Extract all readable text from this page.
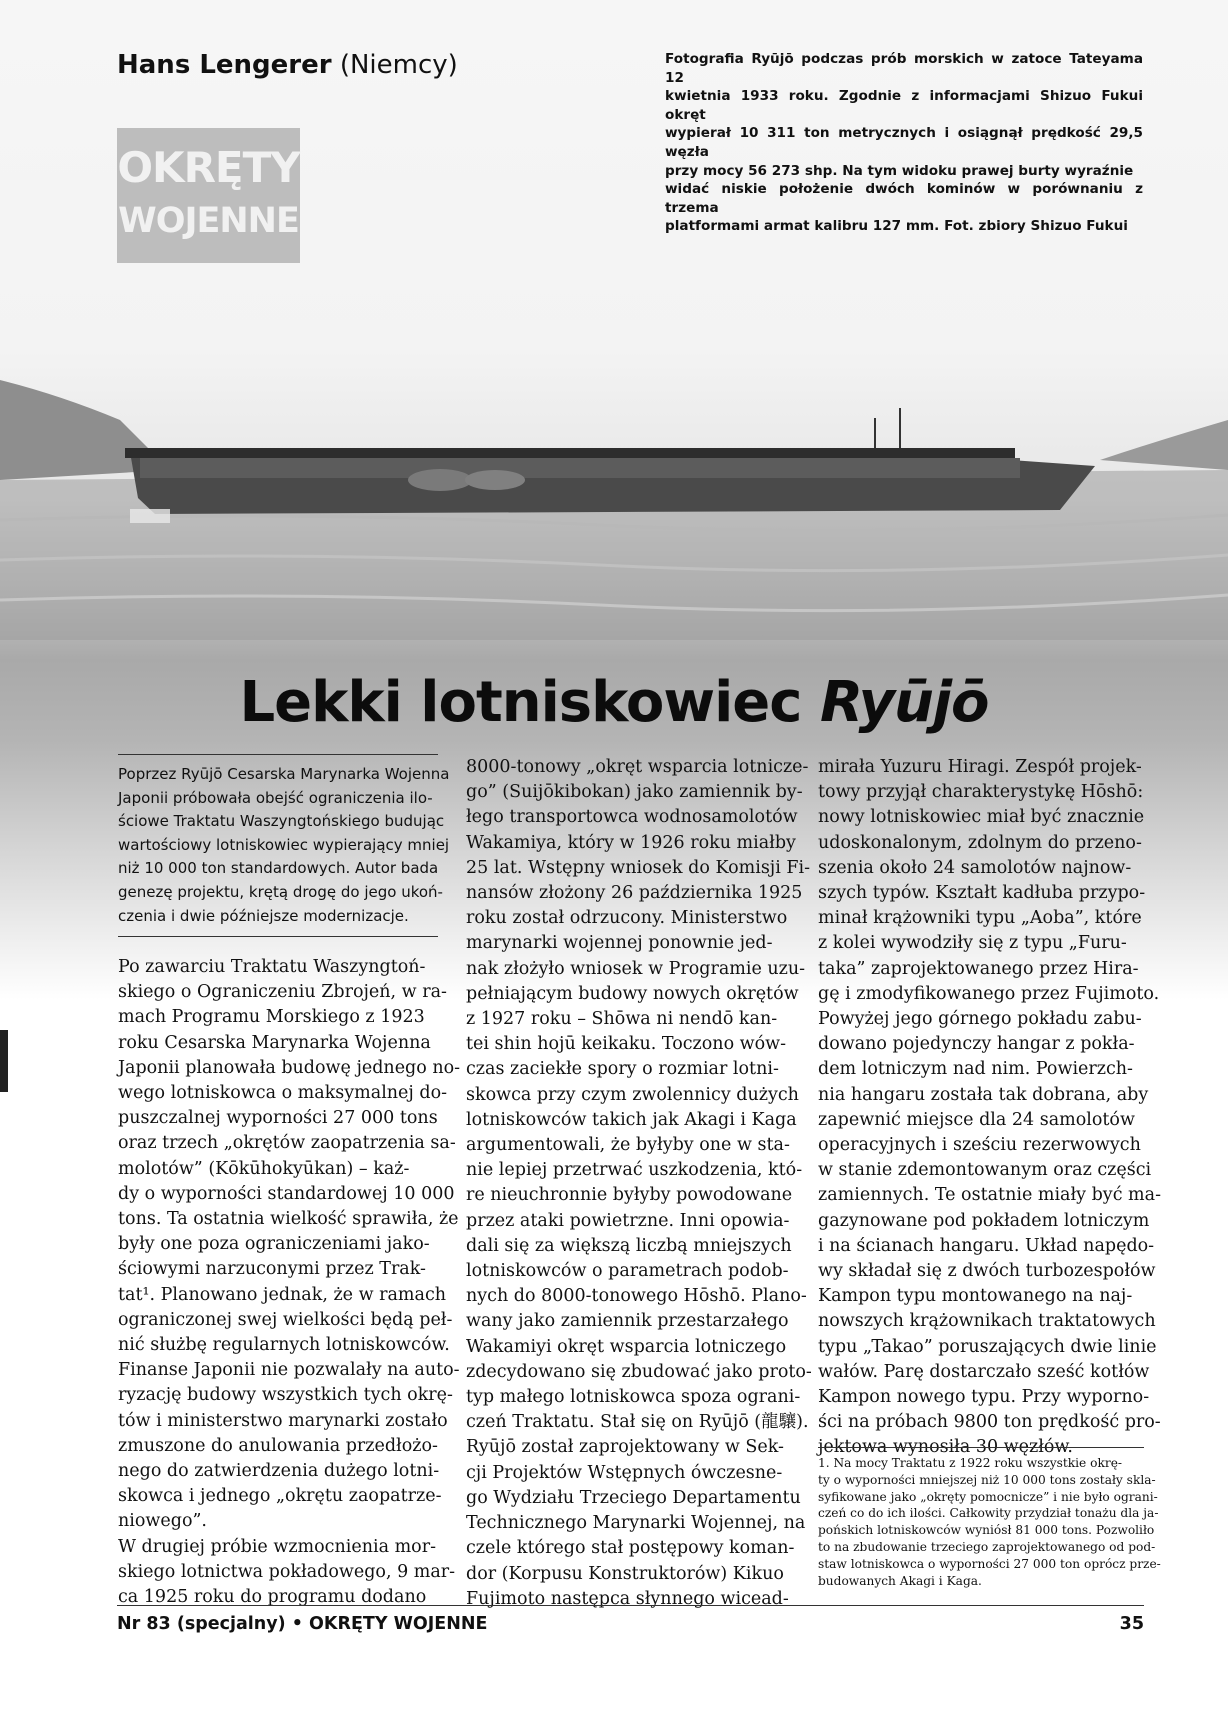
Hans Lengerer (Niemcy)	Fotografia Ryūjō podczas prób morskich w zatoce Tateyama 12
kwietnia 1933 roku. Zgodnie z informacjami Shizuo Fukui okręt
wypierał 10 311 ton metrycznych i osiągnął prędkość 29,5 węzła
przy mocy 56 273 shp. Na tym widoku prawej burty wyraźnie
widać niskie położenie dwóch kominów w porównaniu z trzema
platformami armat kalibru 127 mm. Fot. zbiory Shizuo Fukui
OKRĘTY
WOJENNE
Lekki lotniskowiec Ryūjō
Poprzez Ryūjō Cesarska Marynarka Wojenna
Japonii próbowała obejść ograniczenia ilo-
ściowe Traktatu Waszyngtońskiego budując
wartościowy lotniskowiec wypierający mniej
niż 10 000 ton standardowych. Autor bada
genezę projektu, krętą drogę do jego ukoń-
czenia i dwie późniejsze modernizacje.
Po zawarciu Traktatu Waszyngtoń-
skiego o Ograniczeniu Zbrojeń, w ra-
mach Programu Morskiego z 1923
roku Cesarska Marynarka Wojenna
Japonii planowała budowę jednego no-
wego lotniskowca o maksymalnej do-
puszczalnej wyporności 27 000 tons
oraz trzech „okrętów zaopatrzenia sa-
molotów” (Kōkūhokyūkan) – każ-
dy o wyporności standardowej 10 000
tons. Ta ostatnia wielkość sprawiła, że
były one poza ograniczeniami jako-
ściowymi narzuconymi przez Trak-
tat¹. Planowano jednak, że w ramach
ograniczonej swej wielkości będą peł-
nić służbę regularnych lotniskowców.
Finanse Japonii nie pozwalały na auto-
ryzację budowy wszystkich tych okrę-
tów i ministerstwo marynarki zostało
zmuszone do anulowania przedłożo-
nego do zatwierdzenia dużego lotni-
skowca i jednego „okrętu zaopatrze-
niowego”.
W drugiej próbie wzmocnienia mor-
skiego lotnictwa pokładowego, 9 mar-
ca 1925 roku do programu dodano
8000-tonowy „okręt wsparcia lotnicze-
go” (Suijōkibokan) jako zamiennik by-
łego transportowca wodnosamolotów
Wakamiya, który w 1926 roku miałby
25 lat. Wstępny wniosek do Komisji Fi-
nansów złożony 26 października 1925
roku został odrzucony. Ministerstwo
marynarki wojennej ponownie jed-
nak złożyło wniosek w Programie uzu-
pełniającym budowy nowych okrętów
z 1927 roku – Shōwa ni nendō kan-
tei shin hojū keikaku. Toczono wów-
czas zaciekłe spory o rozmiar lotni-
skowca przy czym zwolennicy dużych
lotniskowców takich jak Akagi i Kaga
argumentowali, że byłyby one w sta-
nie lepiej przetrwać uszkodzenia, któ-
re nieuchronnie byłyby powodowane
przez ataki powietrzne. Inni opowia-
dali się za większą liczbą mniejszych
lotniskowców o parametrach podob-
nych do 8000-tonowego Hōshō. Plano-
wany jako zamiennik przestarzałego
Wakamiyi okręt wsparcia lotniczego
zdecydowano się zbudować jako proto-
typ małego lotniskowca spoza ograni-
czeń Traktatu. Stał się on Ryūjō (龍驤).
Ryūjō został zaprojektowany w Sek-
cji Projektów Wstępnych ówczesne-
go Wydziału Trzeciego Departamentu
Technicznego Marynarki Wojennej, na
czele którego stał postępowy koman-
dor (Korpusu Konstruktorów) Kikuo
Fujimoto następca słynnego wicead-
mirała Yuzuru Hiragi. Zespół projek-
towy przyjął charakterystykę Hōshō:
nowy lotniskowiec miał być znacznie
udoskonalonym, zdolnym do przeno-
szenia około 24 samolotów najnow-
szych typów. Kształt kadłuba przypo-
minał krążowniki typu „Aoba”, które
z kolei wywodziły się z typu „Furu-
taka” zaprojektowanego przez Hira-
gę i zmodyfikowanego przez Fujimoto.
Powyżej jego górnego pokładu zabu-
dowano pojedynczy hangar z pokła-
dem lotniczym nad nim. Powierzch-
nia hangaru została tak dobrana, aby
zapewnić miejsce dla 24 samolotów
operacyjnych i sześciu rezerwowych
w stanie zdemontowanym oraz części
zamiennych. Te ostatnie miały być ma-
gazynowane pod pokładem lotniczym
i na ścianach hangaru. Układ napędo-
wy składał się z dwóch turbozespołów
Kampon typu montowanego na naj-
nowszych krążownikach traktatowych
typu „Takao” poruszających dwie linie
wałów. Parę dostarczało sześć kotłów
Kampon nowego typu. Przy wyporno-
ści na próbach 9800 ton prędkość pro-
jektowa wynosiła 30 węzłów.
1. Na mocy Traktatu z 1922 roku wszystkie okrę-
ty o wyporności mniejszej niż 10 000 tons zostały skla-
syfikowane jako „okręty pomocnicze” i nie było ograni-
czeń co do ich ilości. Całkowity przydział tonażu dla ja-
pońskich lotniskowców wyniósł 81 000 tons. Pozwoliło
to na zbudowanie trzeciego zaprojektowanego od pod-
staw lotniskowca o wyporności 27 000 ton oprócz prze-
budowanych Akagi i Kaga.
Nr 83 (specjalny) • OKRĘTY WOJENNE	35
